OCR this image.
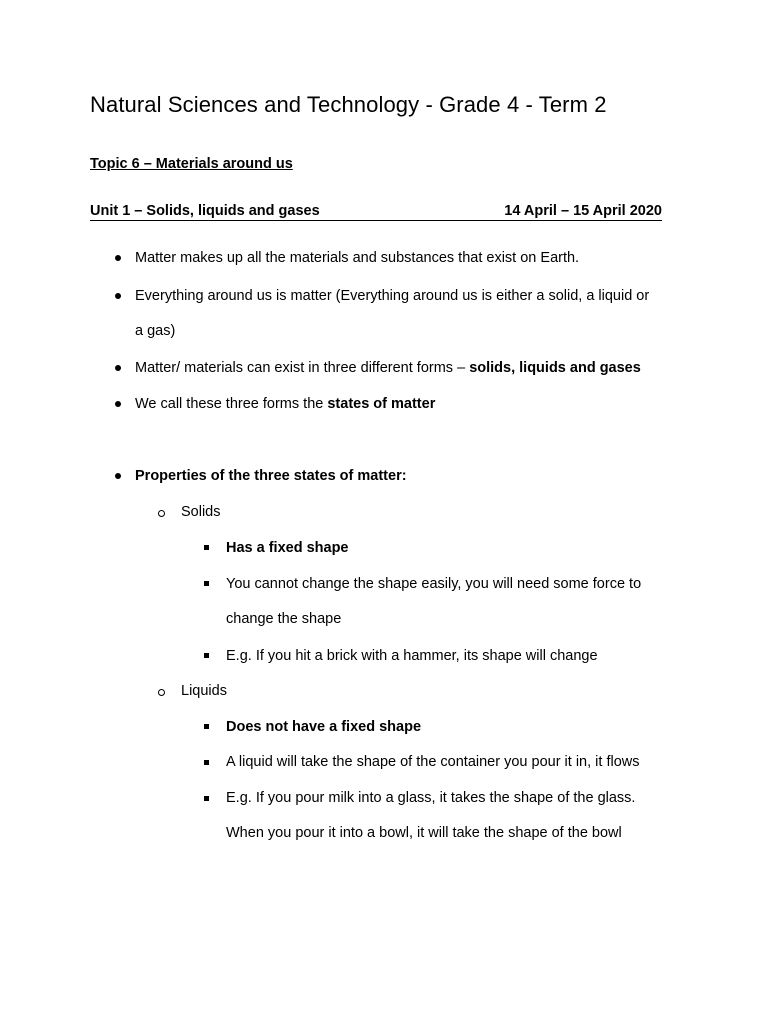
Natural Sciences and Technology - Grade 4 - Term 2
Topic 6 – Materials around us
Unit 1 – Solids, liquids and gases	14 April – 15 April 2020
Matter makes up all the materials and substances that exist on Earth.
Everything around us is matter (Everything around us is either a solid, a liquid or
a gas)
Matter/ materials can exist in three different forms – solids, liquids and gases
We call these three forms the states of matter
Properties of the three states of matter:
Solids
Has a fixed shape
You cannot change the shape easily, you will need some force to
change the shape
E.g. If you hit a brick with a hammer, its shape will change
Liquids
Does not have a fixed shape
A liquid will take the shape of the container you pour it in, it flows
E.g. If you pour milk into a glass, it takes the shape of the glass.
When you pour it into a bowl, it will take the shape of the bowl
